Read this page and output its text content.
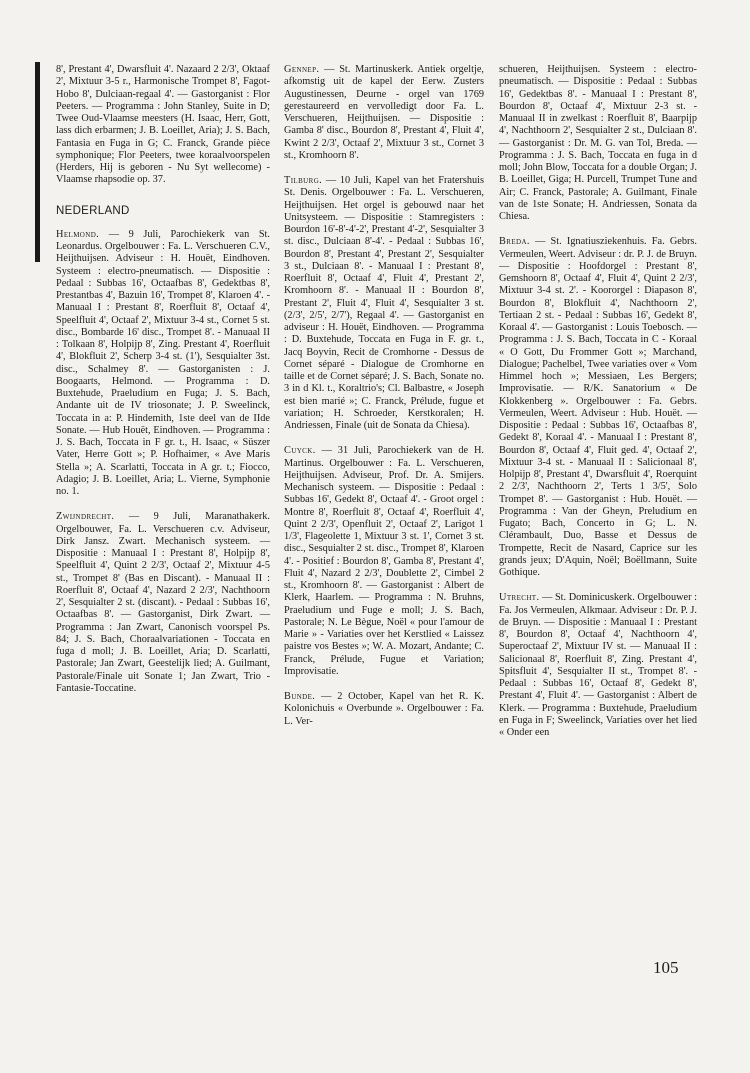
8', Prestant 4', Dwarsfluit 4'. Nazaard 2 2/3', Oktaaf 2', Mixtuur 3-5 r., Harmonische Trompet 8', Fagot-Hobo 8', Dulciaan-regaal 4'. — Gastorganist : Flor Peeters. — Programma : John Stanley, Suite in D; Twee Oud-Vlaamse meesters (H. Isaac, Herr, Gott, lass dich erbarmen; J. B. Loeillet, Aria); J. S. Bach, Fantasia en Fuga in G; C. Franck, Grande pièce symphonique; Flor Peeters, twee koraalvoorspelen (Herders, Hij is geboren - Nu Syt wellecome) - Vlaamse rhapsodie op. 37.

NEDERLAND

Helmond. — 9 Juli, Parochiekerk van St. Leonardus. Orgelbouwer : Fa. L. Verschueren C.V., Heijthuijsen. Adviseur : H. Houët, Eindhoven. Systeem : electro-pneumatisch. — Dispositie : Pedaal : Subbas 16', Octaafbas 8', Gedektbas 8', Prestantbas 4', Bazuin 16', Trompet 8', Klaroen 4'. - Manuaal I : Prestant 8', Roerfluit 8', Octaaf 4', Speelfluit 4', Octaaf 2', Mixtuur 3-4 st., Cornet 5 st. disc., Bombarde 16' disc., Trompet 8'. - Manuaal II : Tolkaan 8', Holpijp 8', Zing. Prestant 4', Roerfluit 4', Blokfluit 2', Scherp 3-4 st. (1'), Sesquialter 3st. disc., Schalmey 8'. — Gastorganisten : J. Boogaarts, Helmond. — Programma : D. Buxtehude, Praeludium en Fuga; J. S. Bach, Andante uit de IV triosonate; J. P. Sweelinck, Toccata in a: P. Hindemith, 1ste deel van de IIde Sonate. — Hub Houët, Eindhoven. — Programma : J. S. Bach, Toccata in F gr. t., H. Isaac, « Süszer Vater, Herre Gott »; P. Hofhaimer, « Ave Maris Stella »; A. Scarlatti, Toccata in A gr. t.; Fiocco, Adagio; J. B. Loeillet, Aria; L. Vierne, Symphonie no. 1.

Zwijndrecht. — 9 Juli, Maranathakerk. Orgelbouwer, Fa. L. Verschueren c.v. Adviseur, Dirk Jansz. Zwart. Mechanisch systeem. — Dispositie : Manuaal I : Prestant 8', Holpijp 8', Speelfluit 4', Quint 2 2/3', Octaaf 2', Mixtuur 4-5 st., Trompet 8' (Bas en Discant). - Manuaal II : Roerfluit 8', Octaaf 4', Nazard 2 2/3', Nachthoorn 2', Sesquialter 2 st. (discant). - Pedaal : Subbas 16', Octaafbas 8'. — Gastorganist, Dirk Zwart. — Programma : Jan Zwart, Canonisch voorspel Ps. 84; J. S. Bach, Choraalvariationen - Toccata en fuga d moll; J. B. Loeillet, Aria; D. Scarlatti, Pastorale; Jan Zwart, Geestelijk lied; A. Guilmant, Pastorale/Finale uit Sonate 1; Jan Zwart, Trio - Fantasie-Toccatine.

Gennep. — St. Martinuskerk. Antiek orgeltje, afkomstig uit de kapel der Eerw. Zusters Augustinessen, Deurne - orgel van 1769 gerestaureerd en vervolledigt door Fa. L. Verschueren, Heijthuijsen. — Dispositie : Gamba 8' disc., Bourdon 8', Prestant 4', Fluit 4', Kwint 2 2/3', Octaaf 2', Mixtuur 3 st., Cornet 3 st., Kromhoorn 8'.

Tilburg. — 10 Juli, Kapel van het Fratershuis St. Denis. Orgelbouwer : Fa. L. Verschueren, Heijthuijsen. Het orgel is gebouwd naar het Unitsysteem. — Dispositie : Stamregisters : Bourdon 16'-8'-4'-2', Prestant 4'-2', Sesquialter 3 st. disc., Dulciaan 8'-4'. - Pedaal : Subbas 16', Bourdon 8', Prestant 4', Prestant 2', Sesquialter 3 st., Dulciaan 8'. - Manuaal I : Prestant 8', Roerfluit 8', Octaaf 4', Fluit 4', Prestant 2', Kromhoorn 8'. - Manuaal II : Bourdon 8', Prestant 2', Fluit 4', Fluit 4', Sesquialter 3 st. (2/3', 2/5', 2/7'), Regaal 4'. — Gastorganist en adviseur : H. Houët, Eindhoven. — Programma : D. Buxtehude, Toccata en Fuga in F. gr. t., Jacq Boyvin, Recit de Cromhorne - Dessus de Cornet séparé - Dialogue de Cromhorne en taille et de Cornet séparé; J. S. Bach, Sonate no. 3 in d Kl. t., Koraltrio's; Cl. Balbastre, « Joseph est bien marié »; C. Franck, Prélude, fugue et variation; H. Schroeder, Kerstkoralen; H. Andriessen, Finale (uit de Sonata da Chiesa).

Cuyck. — 31 Juli, Parochiekerk van de H. Martinus. Orgelbouwer : Fa. L. Verschueren, Heijthuijsen. Adviseur, Prof. Dr. A. Smijers. Mechanisch systeem. — Dispositie : Pedaal : Subbas 16', Gedekt 8', Octaaf 4'. - Groot orgel : Montre 8', Roerfluit 8', Octaaf 4', Roerfluit 4', Quint 2 2/3', Openfluit 2', Octaaf 2', Larigot 1 1/3', Flageolette 1, Mixtuur 3 st. 1', Cornet 3 st. disc., Sesquialter 2 st. disc., Trompet 8', Klaroen 4'. - Positief : Bourdon 8', Gamba 8', Prestant 4', Fluit 4', Nazard 2 2/3', Doublette 2', Cimbel 2 st., Kromhoorn 8'. — Gastorganist : Albert de Klerk, Haarlem. — Programma : N. Bruhns, Praeludium und Fuge e moll; J. S. Bach, Pastorale; N. Le Bègue, Noël « pour l'amour de Marie » - Variaties over het Kerstlied « Laissez paistre vos Bestes »; W. A. Mozart, Andante; C. Franck, Prélude, Fugue et Variation; Improvisatie.

Bunde. — 2 October, Kapel van het R. K. Kolonichuis « Overbunde ». Orgelbouwer : Fa. L. Ver-

schueren, Heijthuijsen. Systeem : electro-pneumatisch. — Dispositie : Pedaal : Subbas 16', Gedektbas 8'. - Manuaal I : Prestant 8', Bourdon 8', Octaaf 4', Mixtuur 2-3 st. - Manuaal II in zwelkast : Roerfluit 8', Baarpijp 4', Nachthoorn 2', Sesquialter 2 st., Dulciaan 8'. — Gastorganist : Dr. M. G. van Tol, Breda. — Programma : J. S. Bach, Toccata en fuga in d moll; John Blow, Toccata for a double Organ; J. B. Loeillet, Giga; H. Purcell, Trumpet Tune and Air; C. Franck, Pastorale; A. Guilmant, Finale van de 1ste Sonate; H. Andriessen, Sonata da Chiesa.

Breda. — St. Ignatiusziekenhuis. Fa. Gebrs. Vermeulen, Weert. Adviseur : dr. P. J. de Bruyn. — Dispositie : Hoofdorgel : Prestant 8', Gemshoorn 8', Octaaf 4', Fluit 4', Quint 2 2/3', Mixtuur 3-4 st. 2'. - Koororgel : Diapason 8', Bourdon 8', Blokfluit 4', Nachthoorn 2', Tertiaan 2 st. - Pedaal : Subbas 16', Gedekt 8', Koraal 4'. — Gastorganist : Louis Toebosch. — Programma : J. S. Bach, Toccata in C - Koraal « O Gott, Du Frommer Gott »; Marchand, Dialogue; Pachelbel, Twee variaties over « Vom Himmel hoch »; Messiaen, Les Bergers; Improvisatie. — R/K. Sanatorium « De Klokkenberg ». Orgelbouwer : Fa. Gebrs. Vermeulen, Weert. Adviseur : Hub. Houët. — Dispositie : Pedaal : Subbas 16', Octaafbas 8', Gedekt 8', Koraal 4'. - Manuaal I : Prestant 8', Bourdon 8', Octaaf 4', Fluit ged. 4', Octaaf 2', Mixtuur 3-4 st. - Manuaal II : Salicionaal 8', Holpijp 8', Prestant 4', Dwarsfluit 4', Roerquint 2 2/3', Nachthoorn 2', Terts 1 3/5', Solo Trompet 8'. — Gastorganist : Hub. Houët. — Programma : Van der Gheyn, Preludium en Fugato; Bach, Concerto in G; L. N. Clérambault, Duo, Basse et Dessus de Trompette, Recit de Nasard, Caprice sur les grands jeux; D'Aquin, Noël; Boëllmann, Suite Gothique.

Utrecht. — St. Dominicuskerk. Orgelbouwer : Fa. Jos Vermeulen, Alkmaar. Adviseur : Dr. P. J. de Bruyn. — Dispositie : Manuaal I : Prestant 8', Bourdon 8', Octaaf 4', Nachthoorn 4', Superoctaaf 2', Mixtuur IV st. — Manuaal II : Salicionaal 8', Roerfluit 8', Zing. Prestant 4', Spitsfluit 4', Sesquialter II st., Trompet 8'. - Pedaal : Subbas 16', Octaaf 8', Gedekt 8', Prestant 4', Fluit 4'. — Gastorganist : Albert de Klerk. — Programma : Buxtehude, Praeludium en Fuga in F; Sweelinck, Variaties over het lied « Onder een

105
